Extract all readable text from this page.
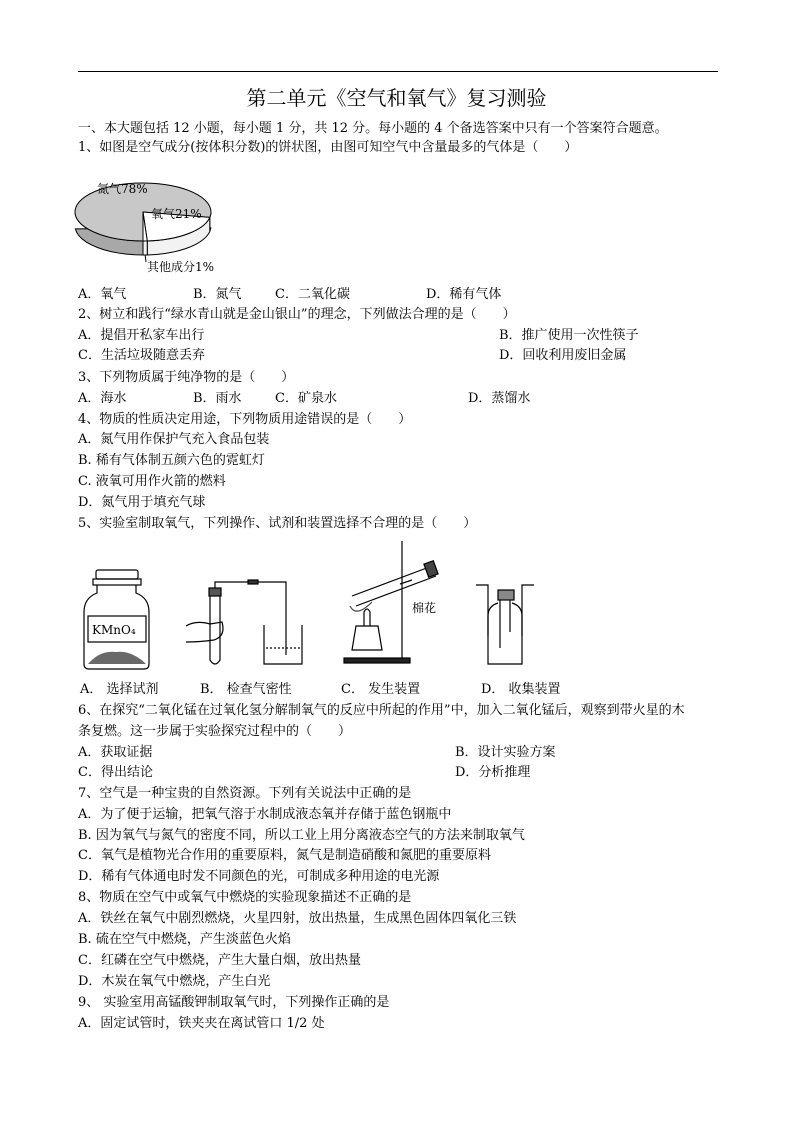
第二单元《空气和氧气》复习测验
一、本大题包括 12 小题，每小题 1 分，共 12 分。每小题的 4 个备选答案中只有一个答案符合题意。
1、如图是空气成分(按体积分数)的饼状图，由图可知空气中含量最多的气体是（　　）
氮气78%
氧气21%
其他成分1%
A．氧气	B．氮气	C．二氧化碳	D．稀有气体
2、树立和践行“绿水青山就是金山银山”的理念，下列做法合理的是（　　）
A．提倡开私家车出行	B．推广使用一次性筷子
C．生活垃圾随意丢弃	D．回收利用废旧金属
3、下列物质属于纯净物的是（　　）
A．海水	B．雨水	C．矿泉水	D．蒸馏水
4、物质的性质决定用途，下列物质用途错误的是（　　）
A．氮气用作保护气充入食品包装
B. 稀有气体制五颜六色的霓虹灯
C. 液氧可用作火箭的燃料
D．氮气用于填充气球
5、实验室制取氧气，下列操作、试剂和装置选择不合理的是（　　）
KMnO₄
棉花
A． 选择试剂	B． 检查气密性	C． 发生装置	D． 收集装置
6、在探究“二氧化锰在过氧化氢分解制氧气的反应中所起的作用”中，加入二氧化锰后，观察到带火星的木
条复燃。这一步属于实验探究过程中的（　　）
A．获取证据	B．设计实验方案
C．得出结论	D．分析推理
7、空气是一种宝贵的自然资源。下列有关说法中正确的是
A．为了便于运输，把氧气溶于水制成液态氧并存储于蓝色钢瓶中
B. 因为氧气与氮气的密度不同，所以工业上用分离液态空气的方法来制取氧气
C．氧气是植物光合作用的重要原料，氮气是制造硝酸和氮肥的重要原料
D．稀有气体通电时发不同颜色的光，可制成多种用途的电光源
8、物质在空气中或氧气中燃烧的实验现象描述不正确的是
A．铁丝在氧气中剧烈燃烧，火星四射，放出热量，生成黑色固体四氧化三铁
B. 硫在空气中燃烧，产生淡蓝色火焰
C．红磷在空气中燃烧，产生大量白烟，放出热量
D．木炭在氧气中燃烧，产生白光
9、 实验室用高锰酸钾制取氧气时，下列操作正确的是
A．固定试管时，铁夹夹在离试管口 1/2 处
